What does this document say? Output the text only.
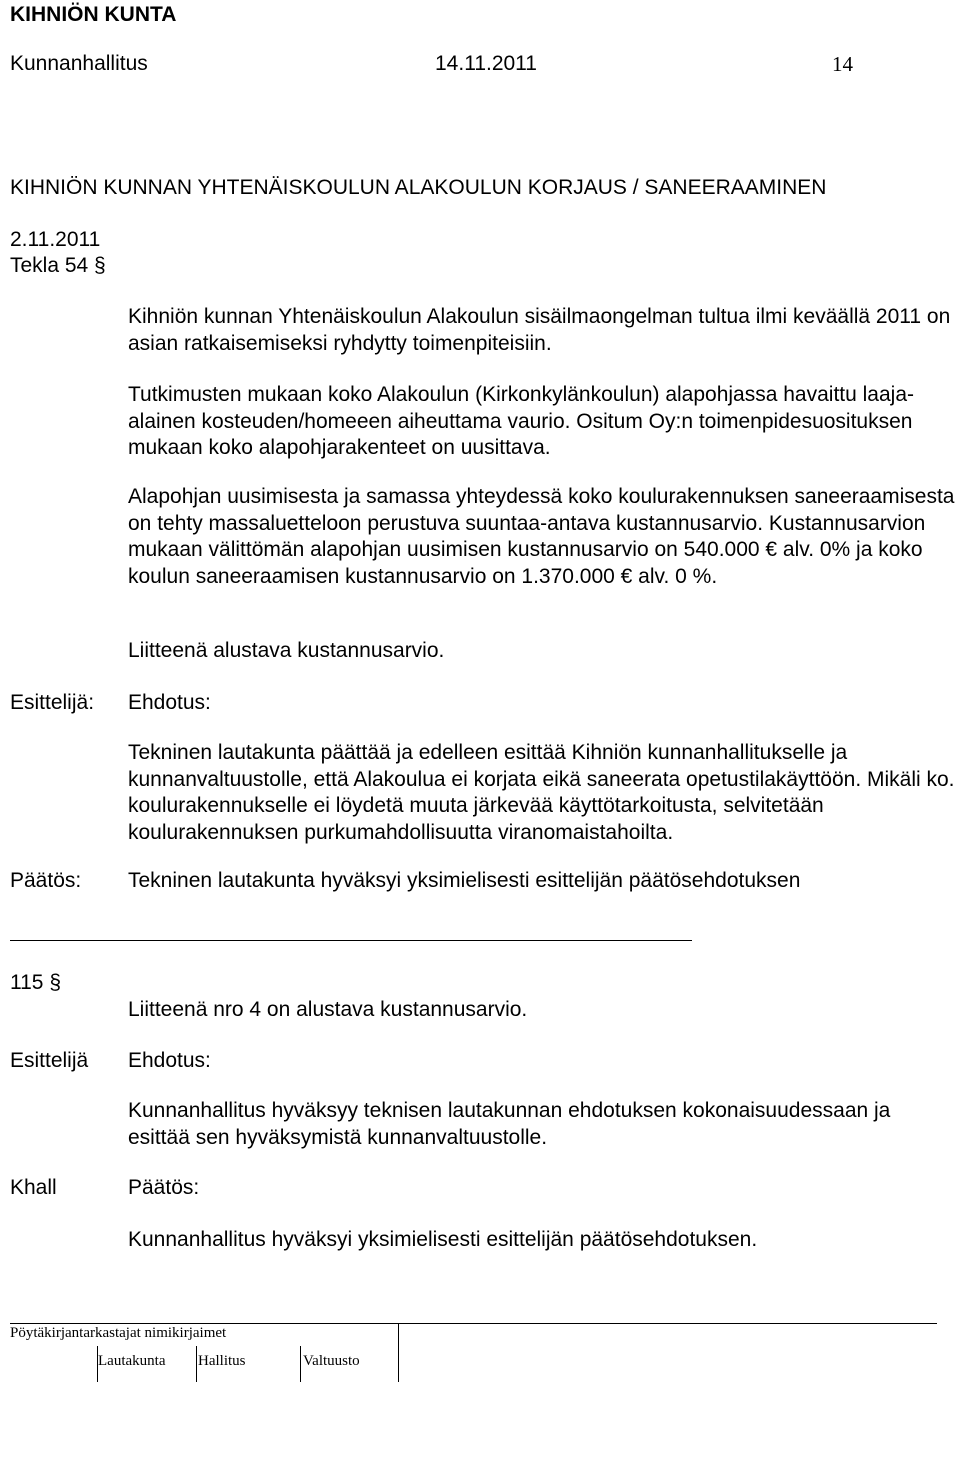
KIHNIÖN KUNTA
Kunnanhallitus	14.11.2011	14
KIHNIÖN KUNNAN YHTENÄISKOULUN ALAKOULUN KORJAUS / SANEERAAMINEN
2.11.2011
Tekla 54 §

Kihniön kunnan Yhtenäiskoulun Alakoulun sisäilmaongelman tultua ilmi keväällä 2011 on asian ratkaisemiseksi ryhdytty toimenpiteisiin.

Tutkimusten mukaan koko Alakoulun (Kirkonkylänkoulun) alapohjassa havaittu laaja-alainen kosteuden/homeeen aiheuttama vaurio. Ositum Oy:n toimenpidesuosituksen mukaan koko alapohjarakenteet on uusittava.

Alapohjan uusimisesta ja samassa yhteydessä koko koulurakennuksen saneeraamisesta on tehty massaluetteloon perustuva suuntaa-antava kustannusarvio. Kustannusarvion mukaan välittömän alapohjan uusimisen kustannusarvio on 540.000 € alv. 0% ja koko koulun saneeraamisen kustannusarvio on 1.370.000 € alv. 0 %.

Liitteenä alustava kustannusarvio.
Esittelijä: Ehdotus:

Tekninen lautakunta päättää ja edelleen esittää Kihniön kunnanhallitukselle ja kunnanvaltuustolle, että Alakoulua ei korjata eikä saneerata opetustilakäyttöön. Mikäli ko. koulurakennukselle ei löydetä muuta järkevää käyttötarkoitusta, selvitetään koulurakennuksen purkumahdollisuutta viranomaistahoilta.

Päätös: Tekninen lautakunta hyväksyi yksimielisesti esittelijän päätösehdotuksen
115 §
Liitteenä nro 4 on alustava kustannusarvio.
Esittelijä Ehdotus:

Kunnanhallitus hyväksyy teknisen lautakunnan ehdotuksen kokonaisuudessaan ja esittää sen hyväksymistä kunnanvaltuustolle.

Khall	Päätös:
Kunnanhallitus hyväksyi yksimielisesti esittelijän päätösehdotuksen.
Pöytäkirjantarkastajat nimikirjaimet
Lautakunta Hallitus	Valtuusto
